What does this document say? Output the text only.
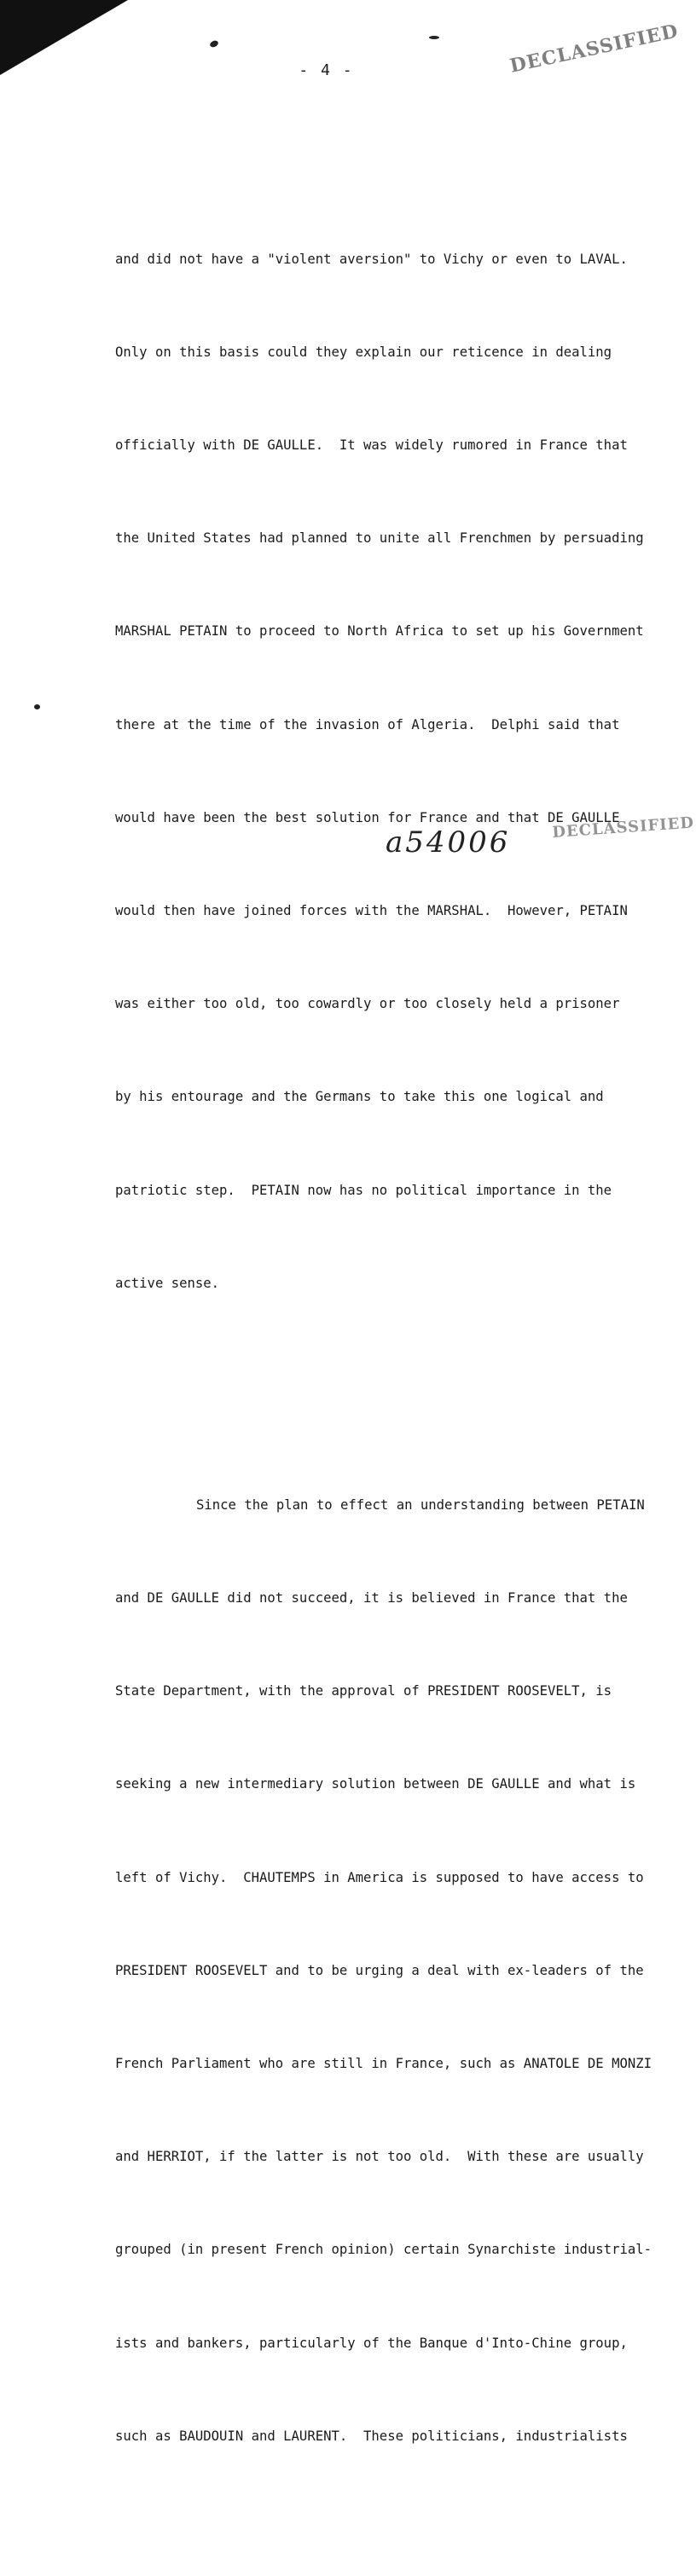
- 4 -	DECLASSIFIED

and did not have a "violent aversion" to Vichy or even to LAVAL.

Only on this basis could they explain our reticence in dealing

officially with DE GAULLE.  It was widely rumored in France that

the United States had planned to unite all Frenchmen by persuading

MARSHAL PETAIN to proceed to North Africa to set up his Government

there at the time of the invasion of Algeria.  Delphi said that

would have been the best solution for France and that DE GAULLE

would then have joined forces with the MARSHAL.  However, PETAIN

was either too old, too cowardly or too closely held a prisoner

by his entourage and the Germans to take this one logical and

patriotic step.  PETAIN now has no political importance in the

active sense.

Since the plan to effect an understanding between PETAIN

and DE GAULLE did not succeed, it is believed in France that the

State Department, with the approval of PRESIDENT ROOSEVELT, is

seeking a new intermediary solution between DE GAULLE and what is

left of Vichy.  CHAUTEMPS in America is supposed to have access to

PRESIDENT ROOSEVELT and to be urging a deal with ex-leaders of the

French Parliament who are still in France, such as ANATOLE DE MONZI

and HERRIOT, if the latter is not too old.  With these are usually

grouped (in present French opinion) certain Synarchiste industrial-

ists and bankers, particularly of the Banque d'Into-Chine group,

such as BAUDOUIN and LAURENT.  These politicians, industrialists

DECLASSIFIED
a54006
